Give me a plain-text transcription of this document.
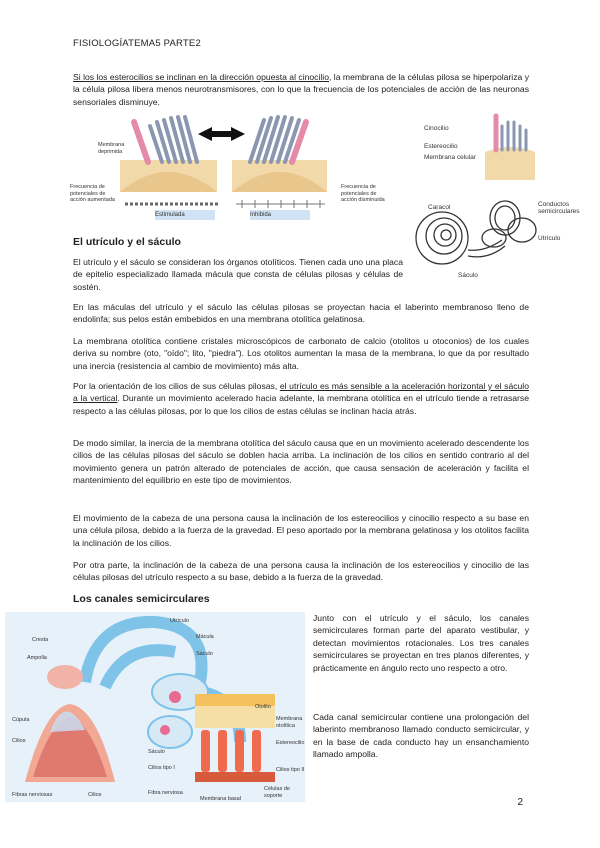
FISIOLOGÍATEMA5 PARTE2

Si los los esterocilios se inclinan en la dirección opuesta al cinocilio, la membrana de la células pilosa se hiperpolariza y la célula pilosa libera menos neurotransmisores, con lo que la frecuencia de los potenciales de acción de las neuronas sensoriales disminuye.

Membrana deprimida
Frecuencia de potenciales de acción aumentada
Frecuencia de potenciales de acción disminuida
Estimulada	Inhibida
Cinocilio
Estereocilio
Membrana celular
Caracol	Conductos semicirculares
Utrículo
Sáculo
El utrículo y el sáculo

El utrículo y el sáculo se consideran los órganos otolíticos. Tienen cada uno una placa de epitelio especializado llamada mácula que consta de células pilosas y células de sostén.

En las máculas del utrículo y el sáculo las células pilosas se proyectan hacia el laberinto membranoso lleno de endolinfa; sus pelos están embebidos en una membrana otolítica gelatinosa.

La membrana otolítica contiene cristales microscópicos de carbonato de calcio (otolitos u otoconios) de los cuales deriva su nombre (oto, "oído"; lito, "piedra"). Los otolitos aumentan la masa de la membrana, lo que da por resultado una inercia (resistencia al cambio de movimiento) más alta.

Por la orientación de los cilios de sus células pilosas, el utrículo es más sensible a la aceleración horizontal y el sáculo a la vertical. Durante un movimiento acelerado hacia adelante, la membrana otolítica en el utrículo tiende a retrasarse respecto a las células pilosas, por lo que los cilios de estas células se inclinan hacia atrás.

De modo similar, la inercia de la membrana otolítica del sáculo causa que en un movimiento acelerado descendente los cilios de las células pilosas del sáculo se doblen hacia arriba. La inclinación de los cilios en sentido contrario al del movimiento genera un patrón alterado de potenciales de acción, que causa sensación de aceleración y facilita el mantenimiento del equilibrio en este tipo de movimientos.

El movimiento de la cabeza de una persona causa la inclinación de los estereocilios y cinocilio respecto a su base en una célula pilosa, debido a la fuerza de la gravedad. El peso aportado por la membrana gelatinosa y los otolitos facilita la inclinación de los cilios.

Por otra parte, la inclinación de la cabeza de una persona causa la inclinación de los estereocilios y cinocilio de las células pilosas del utrículo respecto a su base, debido a la fuerza de la gravedad.

Los canales semicirculares
Cresta
Ampolla
Cúpula
Cilios
Fibras nerviosas	Cilios
Utrículo
Mácula
Sáculo
Sáculo
Cilios tipo I
Fibra nerviosa
Membrana basal
Otolito
Membrana otolítica
Estereocilio
Cilios tipo II
Células de soporte

Junto con el utrículo y el sáculo, los canales semicirculares forman parte del aparato vestibular, y detectan movimientos rotacionales. Los tres canales semicirculares se proyectan en tres planos diferentes, y prácticamente en ángulo recto uno respecto a otro.

Cada canal semicircular contiene una prolongación del laberinto membranoso llamado conducto semicircular, y en la base de cada conducto hay un ensanchamiento llamado ampolla.

2
